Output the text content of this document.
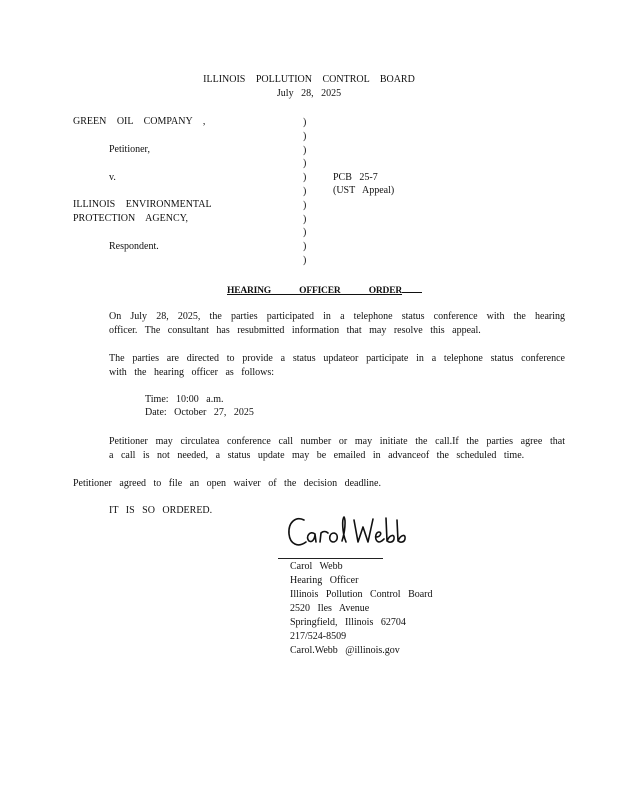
ILLINOIS POLLUTION CONTROL BOARD
July 28, 2025
GREEN OIL COMPANY ,
Petitioner,
v.
ILLINOIS ENVIRONMENTAL
PROTECTION AGENCY,
Respondent.
)
)
)
)
)
)
)
)
)
)
)
PCB 25-7
(UST Appeal)
HEARING OFFICER ORDER
On July 28, 2025, the parties participated in a telephone status conference with the hearing officer. The consultant has resubmitted information that may resolve this appeal.
The parties are directed to provide a status updateor participate in a telephone status conference with the hearing officer as follows:
Time: 10:00 a.m.
Date: October 27, 2025
Petitioner may circulatea conference call number or may initiate the call.If the parties agree that a call is not needed, a status update may be emailed in advanceof the scheduled time.
Petitioner agreed to file an open waiver of the decision deadline.
IT IS SO ORDERED.
Carol Webb
Hearing Officer
Illinois Pollution Control Board
2520 Iles Avenue
Springfield, Illinois 62704
217/524-8509
Carol.Webb @illinois.gov
